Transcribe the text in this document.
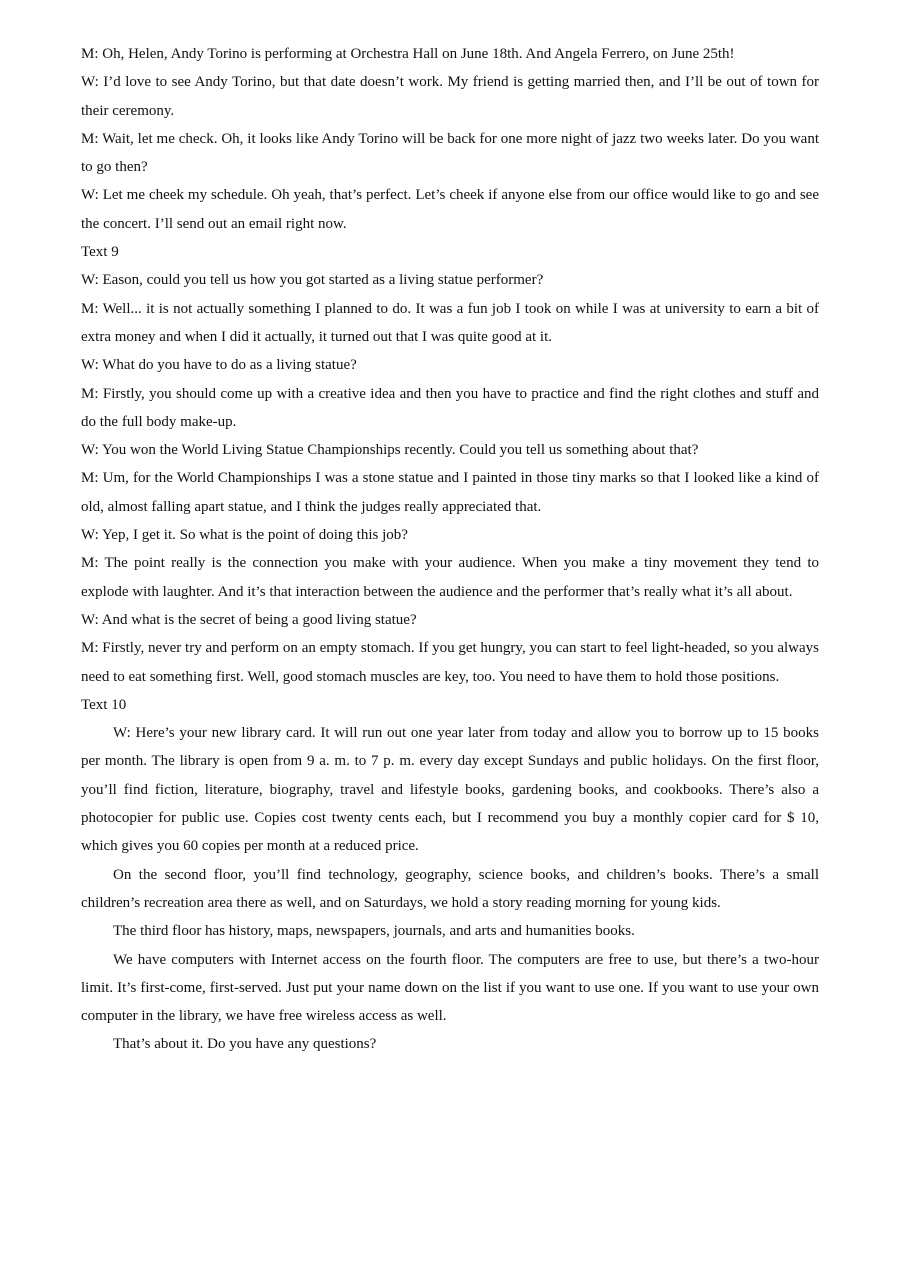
M: Oh, Helen, Andy Torino is performing at Orchestra Hall on June 18th. And Angela Ferrero, on June 25th!

W: I’d love to see Andy Torino, but that date doesn’t work. My friend is getting married then, and I’ll be out of town for their ceremony.

M: Wait, let me check. Oh, it looks like Andy Torino will be back for one more night of jazz two weeks later. Do you want to go then?

W: Let me cheek my schedule. Oh yeah, that’s perfect. Let’s cheek if anyone else from our office would like to go and see the concert. I’ll send out an email right now.

Text 9

W: Eason, could you tell us how you got started as a living statue performer?

M: Well... it is not actually something I planned to do. It was a fun job I took on while I was at university to earn a bit of extra money and when I did it actually, it turned out that I was quite good at it.

W: What do you have to do as a living statue?

M: Firstly, you should come up with a creative idea and then you have to practice and find the right clothes and stuff and do the full body make-up.

W: You won the World Living Statue Championships recently. Could you tell us something about that?

M: Um, for the World Championships I was a stone statue and I painted in those tiny marks so that I looked like a kind of old, almost falling apart statue, and I think the judges really appreciated that.

W: Yep, I get it. So what is the point of doing this job?

M: The point really is the connection you make with your audience. When you make a tiny movement they tend to explode with laughter. And it’s that interaction between the audience and the performer that’s really what it’s all about.

W: And what is the secret of being a good living statue?

M: Firstly, never try and perform on an empty stomach. If you get hungry, you can start to feel light-headed, so you always need to eat something first. Well, good stomach muscles are key, too. You need to have them to hold those positions.

Text 10

W: Here’s your new library card. It will run out one year later from today and allow you to borrow up to 15 books per month. The library is open from 9 a. m. to 7 p. m. every day except Sundays and public holidays. On the first floor, you’ll find fiction, literature, biography, travel and lifestyle books, gardening books, and cookbooks. There’s also a photocopier for public use. Copies cost twenty cents each, but I recommend you buy a monthly copier card for $ 10, which gives you 60 copies per month at a reduced price.

On the second floor, you’ll find technology, geography, science books, and children’s books. There’s a small children’s recreation area there as well, and on Saturdays, we hold a story reading morning for young kids.

The third floor has history, maps, newspapers, journals, and arts and humanities books.

We have computers with Internet access on the fourth floor. The computers are free to use, but there’s a two-hour limit. It’s first-come, first-served. Just put your name down on the list if you want to use one. If you want to use your own computer in the library, we have free wireless access as well.

That’s about it. Do you have any questions?
